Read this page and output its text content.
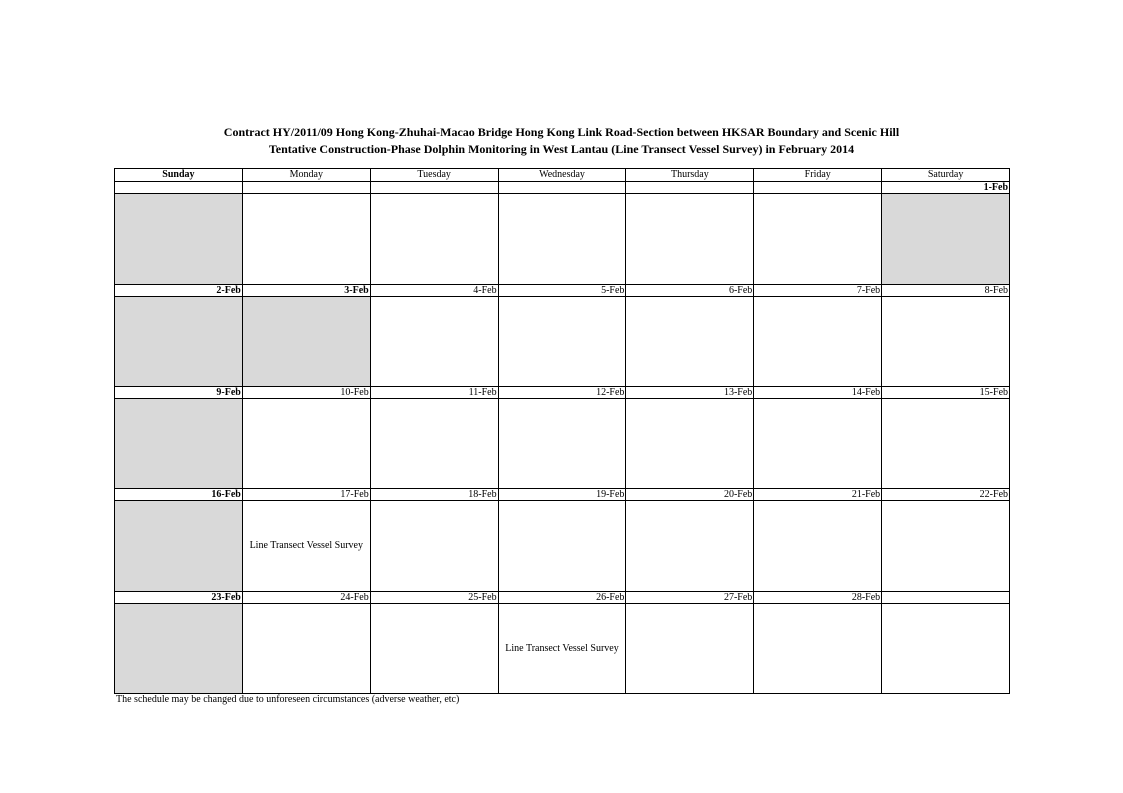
Contract HY/2011/09 Hong Kong-Zhuhai-Macao Bridge Hong Kong Link Road-Section between HKSAR Boundary and Scenic Hill
Tentative Construction-Phase Dolphin Monitoring in West Lantau (Line Transect Vessel Survey) in February 2014
Sunday	Monday	Tuesday	Wednesday	Thursday	Friday	Saturday
						1-Feb

2-Feb	3-Feb	4-Feb	5-Feb	6-Feb	7-Feb	8-Feb

9-Feb	10-Feb	11-Feb	12-Feb	13-Feb	14-Feb	15-Feb

16-Feb	17-Feb	18-Feb	19-Feb	20-Feb	21-Feb	22-Feb
	Line Transect Vessel Survey					
23-Feb	24-Feb	25-Feb	26-Feb	27-Feb	28-Feb	
			Line Transect Vessel Survey			
The schedule may be changed due to unforeseen circumstances (adverse weather, etc)
